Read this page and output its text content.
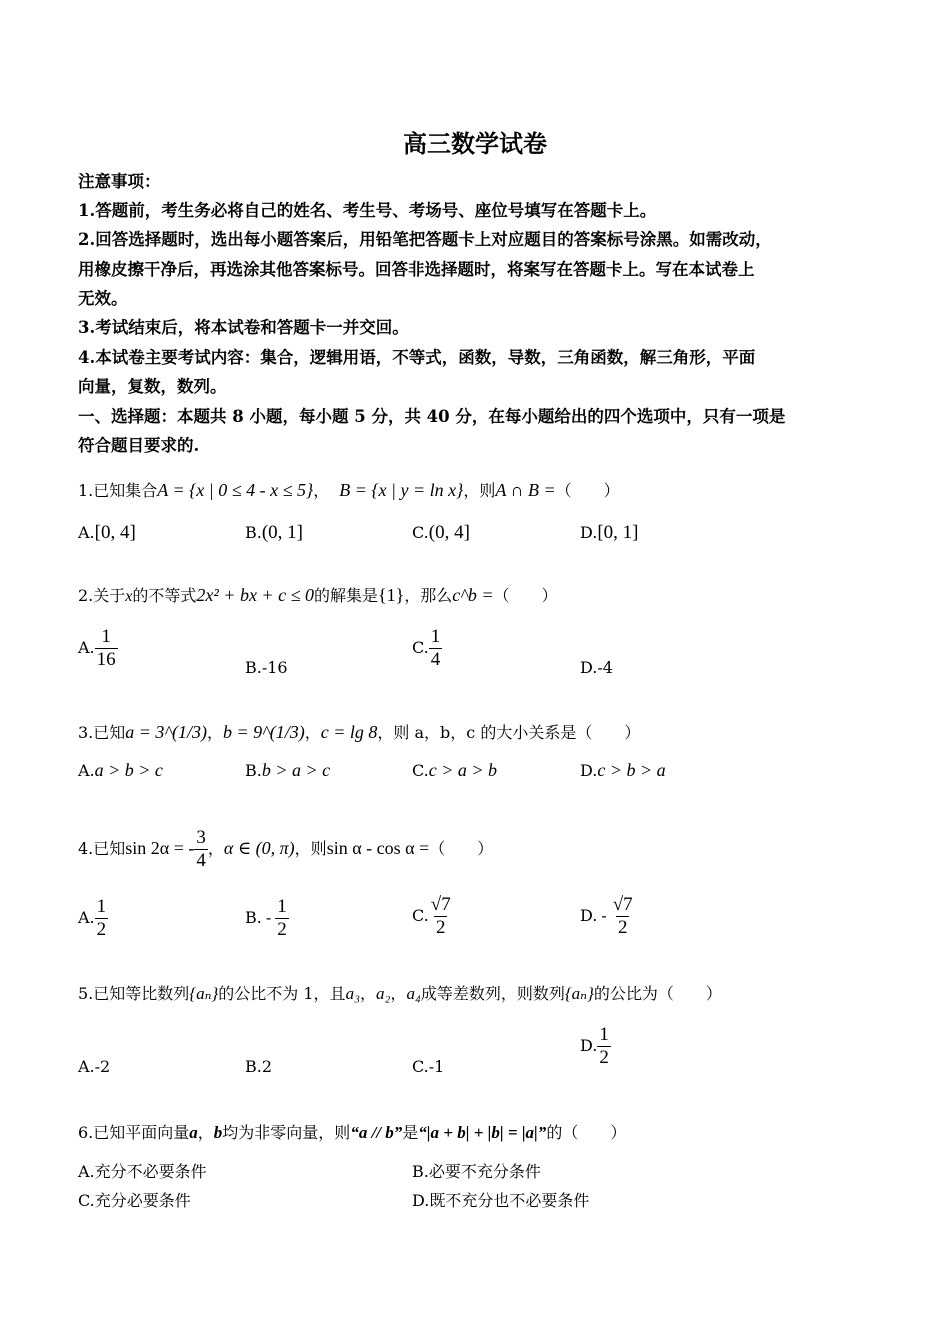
高三数学试卷
注意事项：
1.答题前，考生务必将自己的姓名、考生号、考场号、座位号填写在答题卡上。
2.回答选择题时，选出每小题答案后，用铅笔把答题卡上对应题目的答案标号涂黑。如需改动，
用橡皮擦干净后，再选涂其他答案标号。回答非选择题时，将案写在答题卡上。写在本试卷上
无效。
3.考试结束后，将本试卷和答题卡一并交回。
4.本试卷主要考试内容：集合，逻辑用语，不等式，函数，导数，三角函数，解三角形，平面
向量，复数，数列。
一、选择题：本题共 8 小题，每小题 5 分，共 40 分，在每小题给出的四个选项中，只有一项是
符合题目要求的.
1.已知集合A = {x | 0 ≤ 4 - x ≤ 5}， B = {x | y = ln x}，则A ∩ B =（　　）
A.[0, 4]	B.(0, 1]	C.(0, 4]	D.[0, 1]
2.关于x的不等式2x² + bx + c ≤ 0的解集是{1}，那么c^b =（　　）
A. $\frac{1}{16}$	B.-16
C. $\frac{1}{4}$	D.-4
3.已知a = 3^(1/3)，b = 9^(1/3)，c = lg 8，则 a，b，c 的大小关系是（　　）
A.a > b > c	B.b > a > c	C.c > a > b	D.c > b > a
4.已知sin 2α = - $\frac{3}{4}$ ，α ∈ (0, π)，则sin α - cos α =（　　）
A. $\frac{1}{2}$	B. - $\frac{1}{2}$	C. $\frac{√7}{2}$	D. - $\frac{√7}{2}$
5.已知等比数列{aₙ}的公比不为 1，且a₃，a₂，a₄成等差数列，则数列{aₙ}的公比为（　　）
A.-2	B.2	C.-1
D. $\frac{1}{2}$
6.已知平面向量a，b均为非零向量，则“a // b”是“|a + b| + |b| = |a|”的（　　）
A.充分不必要条件	B.必要不充分条件
C.充分必要条件	D.既不充分也不必要条件
